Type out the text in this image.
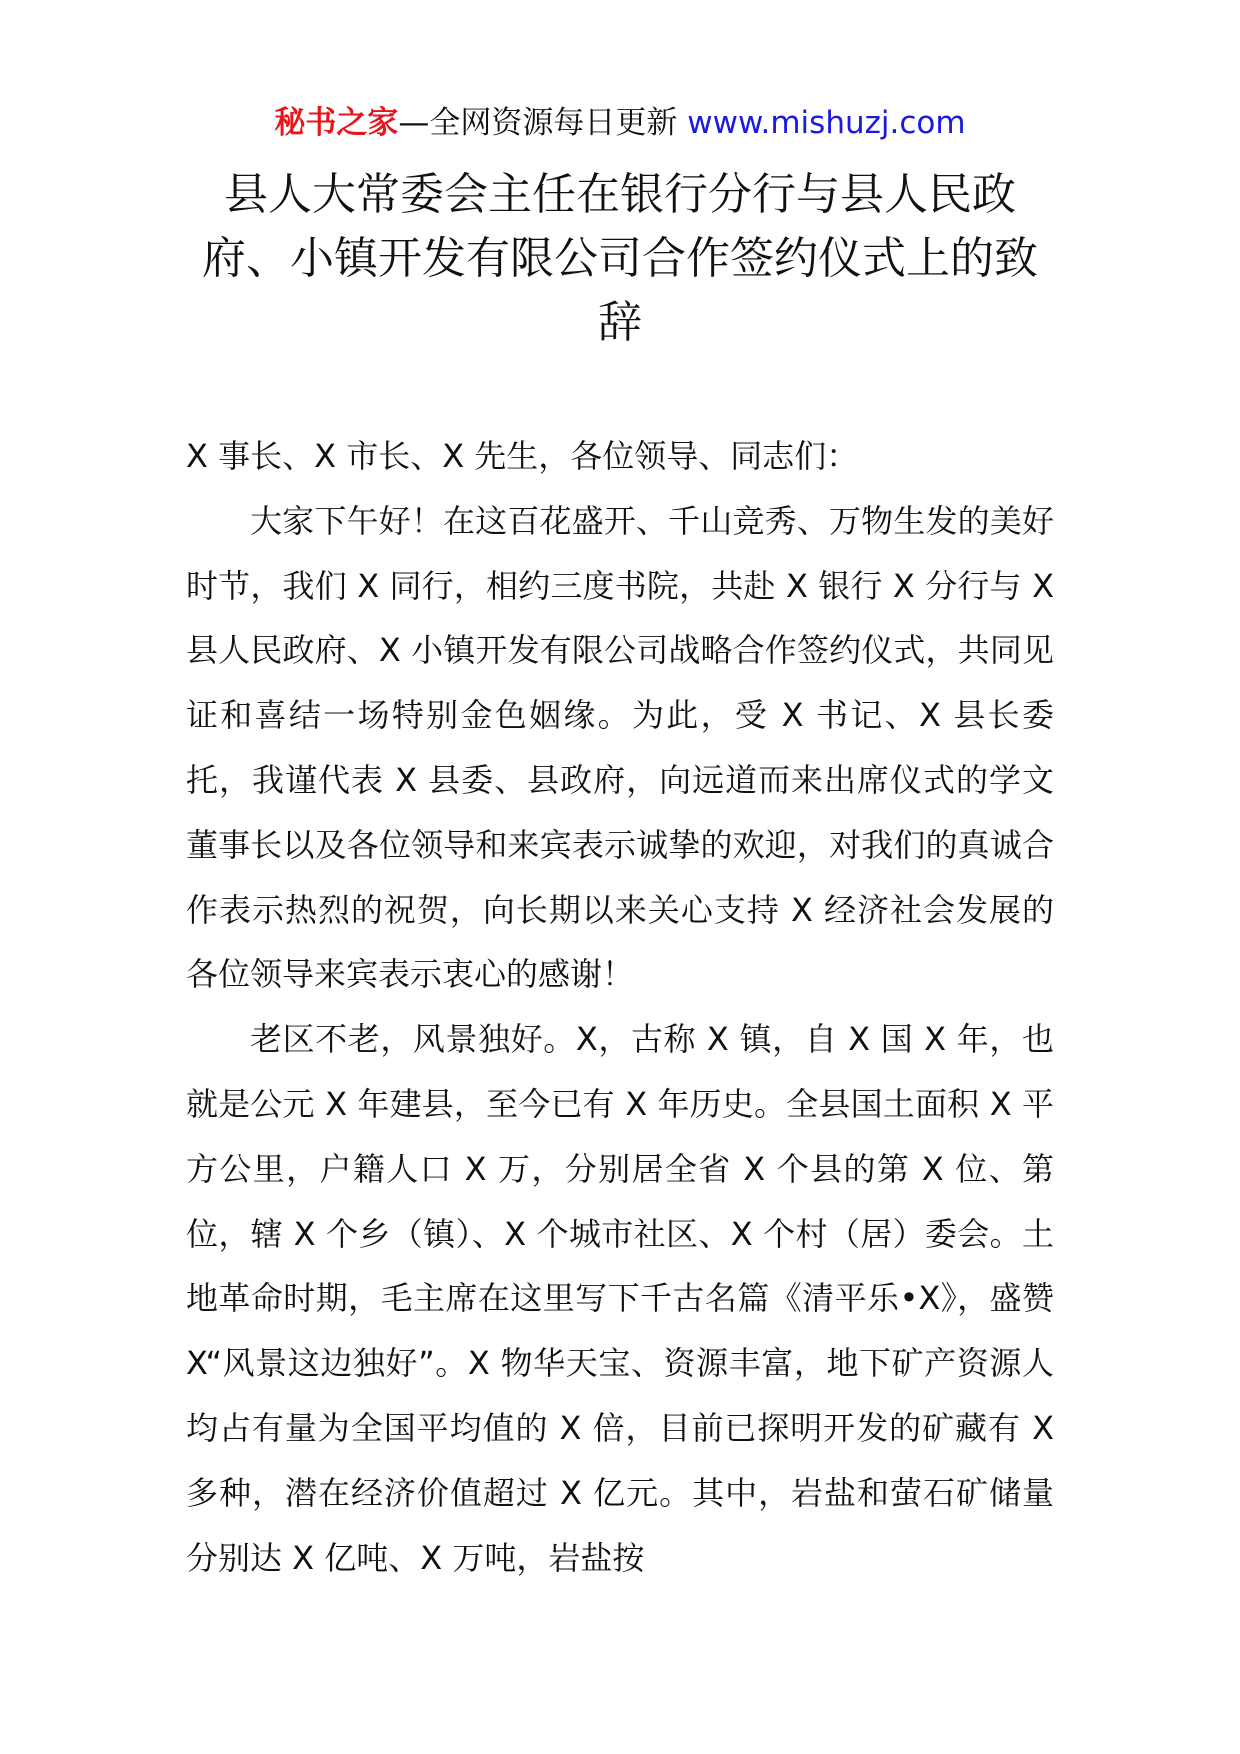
秘书之家—全网资源每日更新 www.mishuzj.com
县人大常委会主任在银行分行与县人民政府、小镇开发有限公司合作签约仪式上的致辞

X 事长、X 市长、X 先生，各位领导、同志们：

大家下午好！在这百花盛开、千山竞秀、万物生发的美好时节，我们 X 同行，相约三度书院，共赴 X 银行 X 分行与 X 县人民政府、X 小镇开发有限公司战略合作签约仪式，共同见证和喜结一场特别金色姻缘。为此，受 X 书记、X 县长委托，我谨代表 X 县委、县政府，向远道而来出席仪式的学文董事长以及各位领导和来宾表示诚挚的欢迎，对我们的真诚合作表示热烈的祝贺，向长期以来关心支持 X 经济社会发展的各位领导来宾表示衷心的感谢！

老区不老，风景独好。X，古称 X 镇，自 X 国 X 年，也就是公元 X 年建县，至今已有 X 年历史。全县国土面积 X 平方公里，户籍人口 X 万，分别居全省 X 个县的第 X 位、第位，辖 X 个乡（镇）、X 个城市社区、X 个村（居）委会。土地革命时期，毛主席在这里写下千古名篇《清平乐•X》，盛赞 X“风景这边独好”。X 物华天宝、资源丰富，地下矿产资源人均占有量为全国平均值的 X 倍，目前已探明开发的矿藏有 X 多种，潜在经济价值超过 X 亿元。其中，岩盐和萤石矿储量分别达 X 亿吨、X 万吨，岩盐按
